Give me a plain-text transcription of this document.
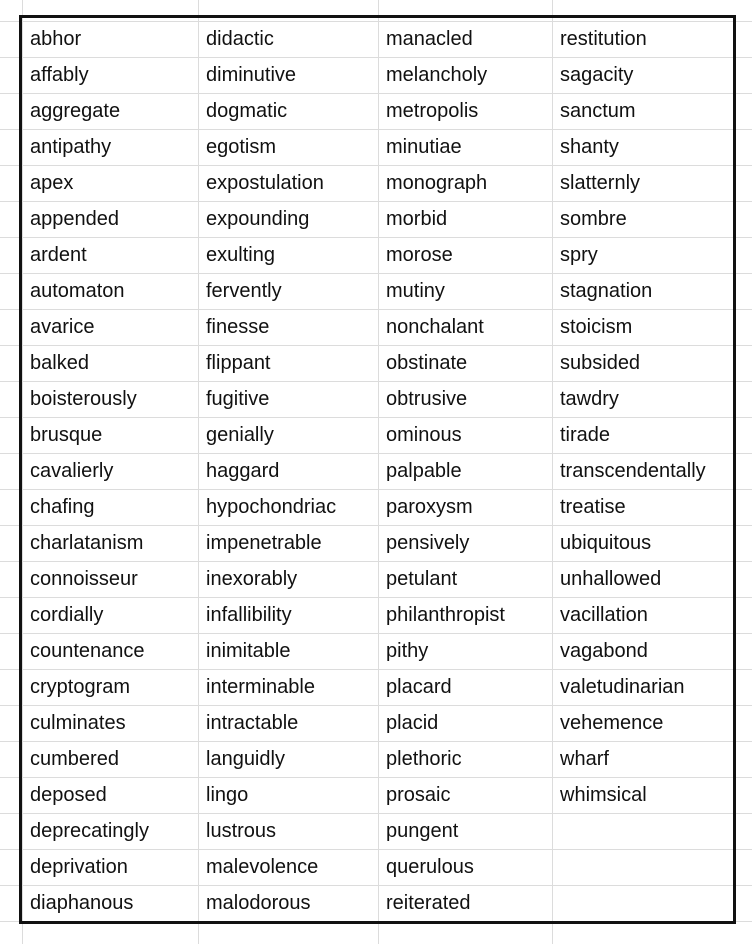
abhor
affably
aggregate
antipathy
apex
appended
ardent
automaton
avarice
balked
boisterously
brusque
cavalierly
chafing
charlatanism
connoisseur
cordially
countenance
cryptogram
culminates
cumbered
deposed
deprecatingly
deprivation
diaphanous
didactic
diminutive
dogmatic
egotism
expostulation
expounding
exulting
fervently
finesse
flippant
fugitive
genially
haggard
hypochondriac
impenetrable
inexorably
infallibility
inimitable
interminable
intractable
languidly
lingo
lustrous
malevolence
malodorous
manacled
melancholy
metropolis
minutiae
monograph
morbid
morose
mutiny
nonchalant
obstinate
obtrusive
ominous
palpable
paroxysm
pensively
petulant
philanthropist
pithy
placard
placid
plethoric
prosaic
pungent
querulous
reiterated
restitution
sagacity
sanctum
shanty
slatternly
sombre
spry
stagnation
stoicism
subsided
tawdry
tirade
transcendentally
treatise
ubiquitous
unhallowed
vacillation
vagabond
valetudinarian
vehemence
wharf
whimsical
